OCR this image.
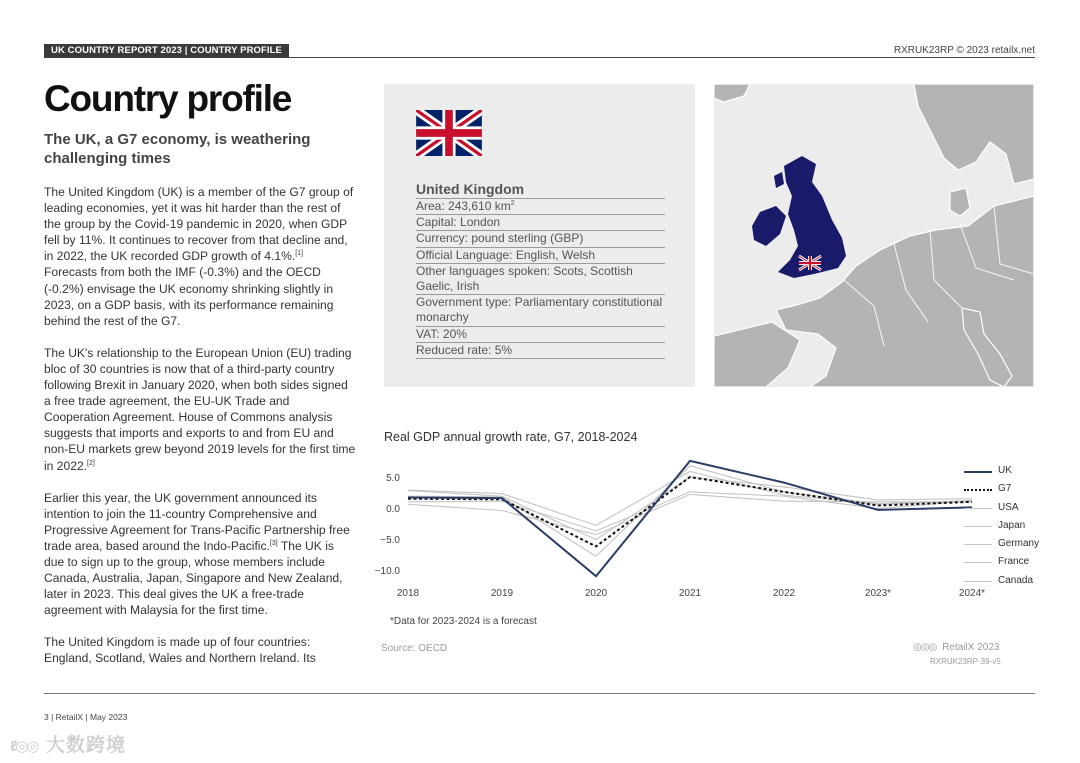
UK COUNTRY REPORT 2023 | COUNTRY PROFILE	RXRUK23RP © 2023 retailx.net
Country profile
The UK, a G7 economy, is weathering challenging times

The United Kingdom (UK) is a member of the G7 group of leading economies, yet it was hit harder than the rest of the group by the Covid-19 pandemic in 2020, when GDP fell by 11%. It continues to recover from that decline and, in 2022, the UK recorded GDP growth of 4.1%.[1] Forecasts from both the IMF (-0.3%) and the OECD (-0.2%) envisage the UK economy shrinking slightly in 2023, on a GDP basis, with its performance remaining behind the rest of the G7.

The UK's relationship to the European Union (EU) trading bloc of 30 countries is now that of a third-party country following Brexit in January 2020, when both sides signed a free trade agreement, the EU-UK Trade and Cooperation Agreement. House of Commons analysis suggests that imports and exports to and from EU and non-EU markets grew beyond 2019 levels for the first time in 2022.[2]

Earlier this year, the UK government announced its intention to join the 11-country Comprehensive and Progressive Agreement for Trans-Pacific Partnership free trade area, based around the Indo-Pacific.[3] The UK is due to sign up to the group, whose members include Canada, Australia, Japan, Singapore and New Zealand, later in 2023. This deal gives the UK a free-trade agreement with Malaysia for the first time.

The United Kingdom is made up of four countries: England, Scotland, Wales and Northern Ireland. Its

United Kingdom
Area: 243,610 $km^2$
Capital: London
Currency: pound sterling (GBP)
Official Language: English, Welsh
Other languages spoken: Scots, Scottish Gaelic, Irish
Government type: Parliamentary constitutional monarchy
VAT: 20%
Reduced rate: 5%
Real GDP annual growth rate, G7, 2018-2024
5.0
0.0
−5.0
−10.0
2018	2019	2020	2021	2022	2023*	2024*
UK
G7
USA
Japan
Germany
France
Canada
*Data for 2023-2024 is a forecast
Source: OECD	◎◎◎ RetailX 2023
RXRUK23RP-39-v5
3 | RetailX | May 2023
ℓ◎◎ 大数跨境
